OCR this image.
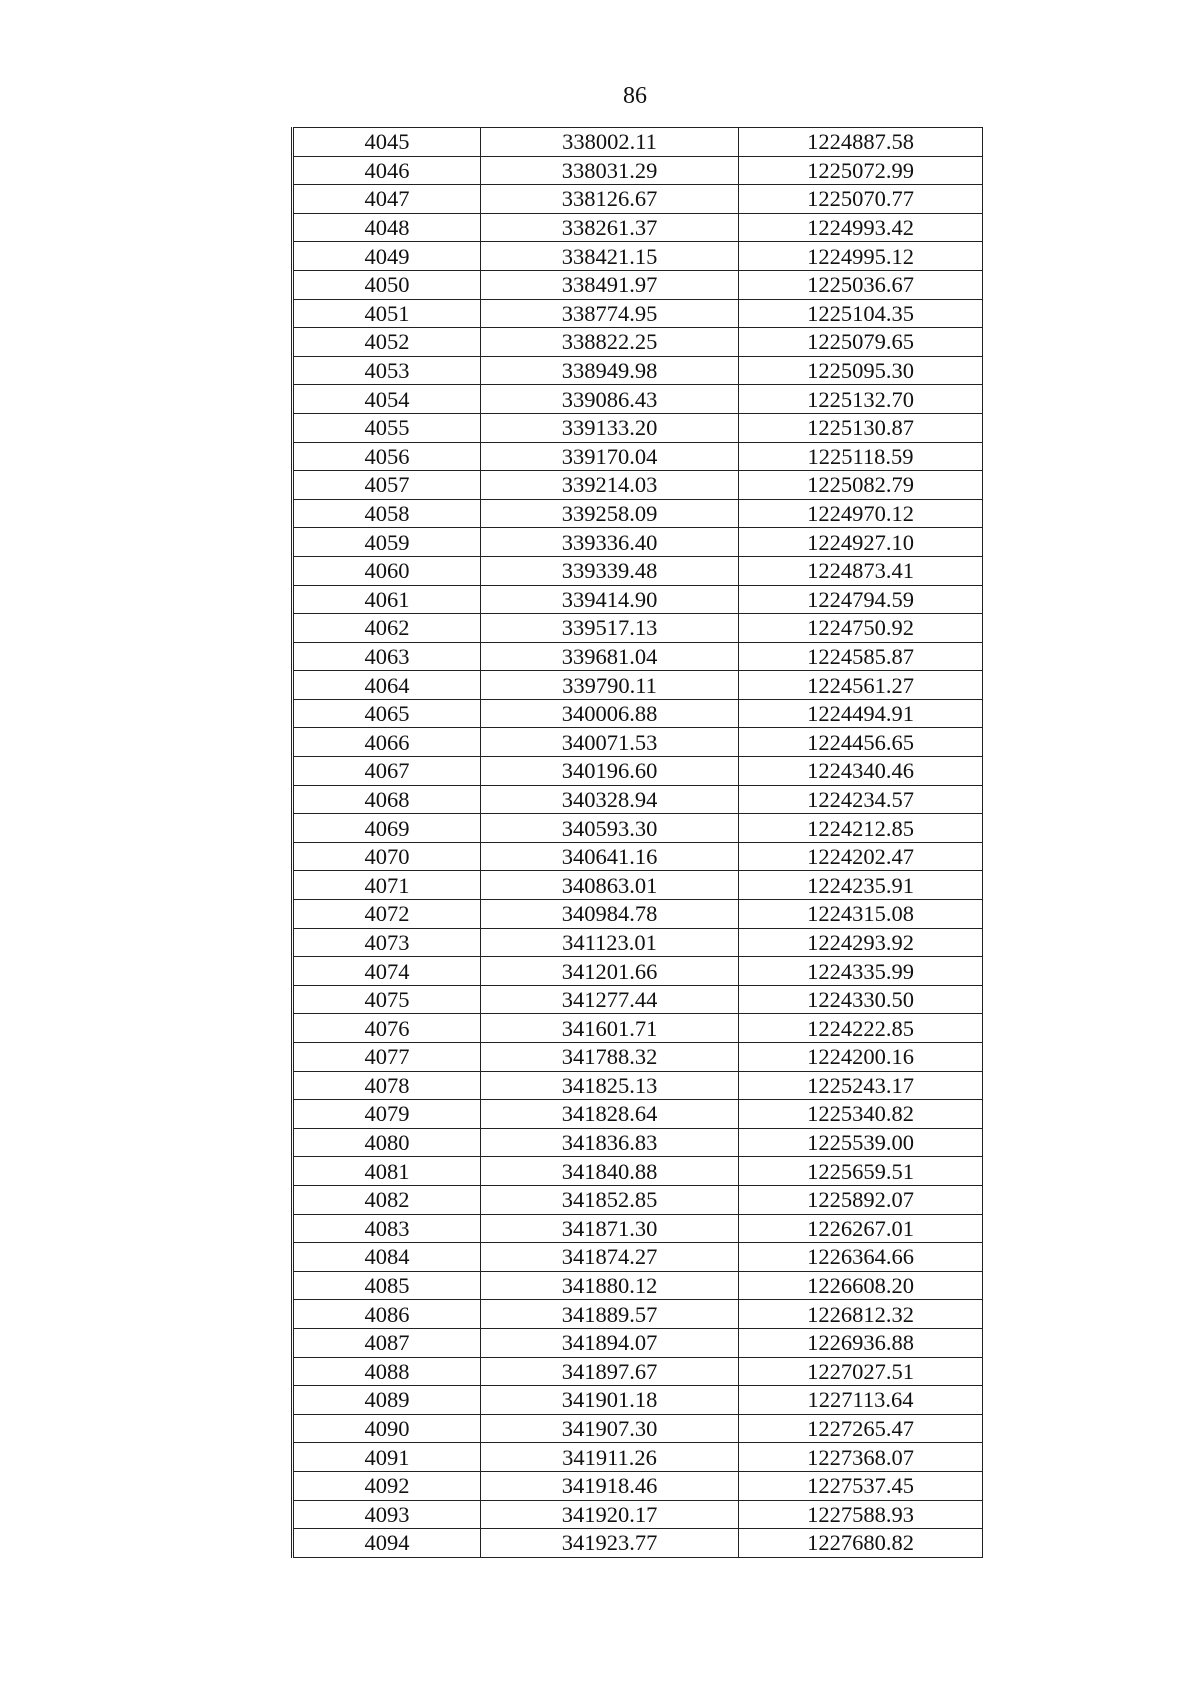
86
4045	338002.11	1224887.58
4046	338031.29	1225072.99
4047	338126.67	1225070.77
4048	338261.37	1224993.42
4049	338421.15	1224995.12
4050	338491.97	1225036.67
4051	338774.95	1225104.35
4052	338822.25	1225079.65
4053	338949.98	1225095.30
4054	339086.43	1225132.70
4055	339133.20	1225130.87
4056	339170.04	1225118.59
4057	339214.03	1225082.79
4058	339258.09	1224970.12
4059	339336.40	1224927.10
4060	339339.48	1224873.41
4061	339414.90	1224794.59
4062	339517.13	1224750.92
4063	339681.04	1224585.87
4064	339790.11	1224561.27
4065	340006.88	1224494.91
4066	340071.53	1224456.65
4067	340196.60	1224340.46
4068	340328.94	1224234.57
4069	340593.30	1224212.85
4070	340641.16	1224202.47
4071	340863.01	1224235.91
4072	340984.78	1224315.08
4073	341123.01	1224293.92
4074	341201.66	1224335.99
4075	341277.44	1224330.50
4076	341601.71	1224222.85
4077	341788.32	1224200.16
4078	341825.13	1225243.17
4079	341828.64	1225340.82
4080	341836.83	1225539.00
4081	341840.88	1225659.51
4082	341852.85	1225892.07
4083	341871.30	1226267.01
4084	341874.27	1226364.66
4085	341880.12	1226608.20
4086	341889.57	1226812.32
4087	341894.07	1226936.88
4088	341897.67	1227027.51
4089	341901.18	1227113.64
4090	341907.30	1227265.47
4091	341911.26	1227368.07
4092	341918.46	1227537.45
4093	341920.17	1227588.93
4094	341923.77	1227680.82
